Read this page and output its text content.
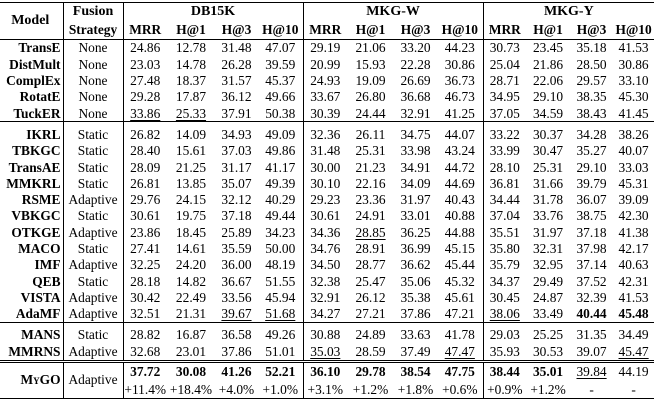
Model	Fusion	DB15K				MKG-W				MKG-Y			
	Strategy	MRR	H@1	H@3	H@10	MRR	H@1	H@3	H@10	MRR	H@1	H@3	H@10
TransE	None	24.86	12.78	31.48	47.07	29.19	21.06	33.20	44.23	30.73	23.45	35.18	41.53
DistMult	None	23.03	14.78	26.28	39.59	20.99	15.93	22.28	30.86	25.04	21.86	28.50	30.86
ComplEx	None	27.48	18.37	31.57	45.37	24.93	19.09	26.69	36.73	28.71	22.06	29.57	33.10
RotatE	None	29.28	17.87	36.12	49.66	33.67	26.80	36.68	46.73	34.95	29.10	38.35	45.30
TuckER	None	33.86	25.33	37.91	50.38	30.39	24.44	32.91	41.25	37.05	34.59	38.43	41.45
IKRL	Static	26.82	14.09	34.93	49.09	32.36	26.11	34.75	44.07	33.22	30.37	34.28	38.26
TBKGC	Static	28.40	15.61	37.03	49.86	31.48	25.31	33.98	43.24	33.99	30.47	35.27	40.07
TransAE	Static	28.09	21.25	31.17	41.17	30.00	21.23	34.91	44.72	28.10	25.31	29.10	33.03
MMKRL	Static	26.81	13.85	35.07	49.39	30.10	22.16	34.09	44.69	36.81	31.66	39.79	45.31
RSME	Adaptive	29.76	24.15	32.12	40.29	29.23	23.36	31.97	40.43	34.44	31.78	36.07	39.09
VBKGC	Static	30.61	19.75	37.18	49.44	30.61	24.91	33.01	40.88	37.04	33.76	38.75	42.30
OTKGE	Adaptive	23.86	18.45	25.89	34.23	34.36	28.85	36.25	44.88	35.51	31.97	37.18	41.38
MACO	Static	27.41	14.61	35.59	50.00	34.76	28.91	36.99	45.15	35.80	32.31	37.98	42.17
IMF	Adaptive	32.25	24.20	36.00	48.19	34.50	28.77	36.62	45.44	35.79	32.95	37.14	40.63
QEB	Static	28.18	14.82	36.67	51.55	32.38	25.47	35.06	45.32	34.37	29.49	37.52	42.31
VISTA	Adaptive	30.42	22.49	33.56	45.94	32.91	26.12	35.38	45.61	30.45	24.87	32.39	41.53
AdaMF	Adaptive	32.51	21.31	39.67	51.68	34.27	27.21	37.86	47.21	38.06	33.49	40.44	45.48
MANS	Static	28.82	16.87	36.58	49.26	30.88	24.89	33.63	41.78	29.03	25.25	31.35	34.49
MMRNS	Adaptive	32.68	23.01	37.86	51.01	35.03	28.59	37.49	47.47	35.93	30.53	39.07	45.47
MyGO	Adaptive	37.72	30.08	41.26	52.21	36.10	29.78	38.54	47.75	38.44	35.01	39.84	44.19
		+11.4%	+18.4%	+4.0%	+1.0%	+3.1%	+1.2%	+1.8%	+0.6%	+0.9%	+1.2%	-	-
